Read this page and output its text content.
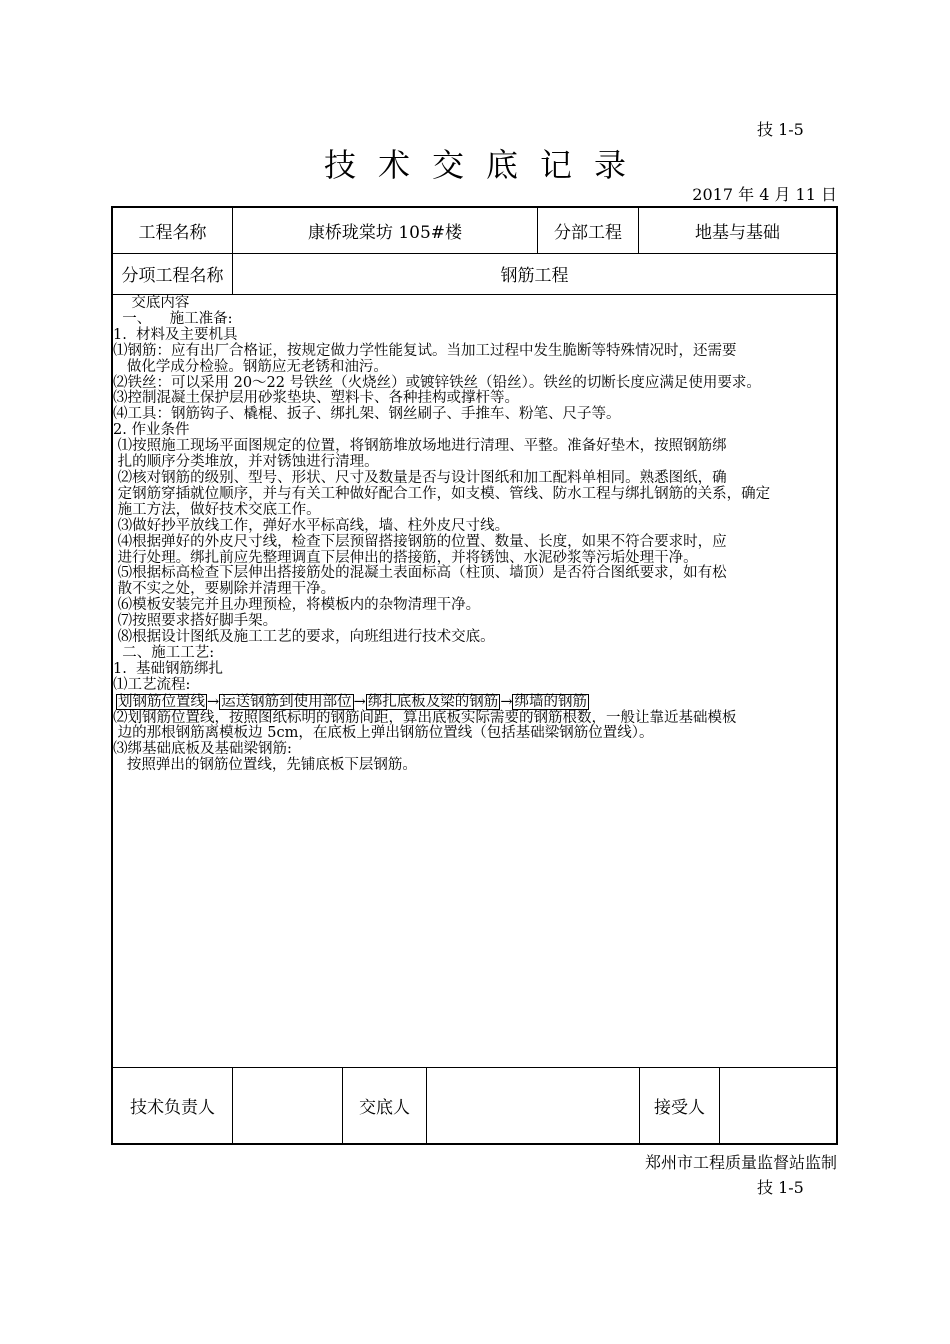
技 1-5
技术交底记录
2017 年 4 月 11 日
工程名称	康桥珑棠坊 105#楼	分部工程	地基与基础
分项工程名称	钢筋工程
交底内容
一、    施工准备:
1.  材料及主要机具
⑴钢筋：应有出厂合格证，按规定做力学性能复试。当加工过程中发生脆断等特殊情况时，还需要
做化学成分检验。钢筋应无老锈和油污。
⑵铁丝：可以采用 20～22 号铁丝（火烧丝）或镀锌铁丝（铅丝）。铁丝的切断长度应满足使用要求。
⑶控制混凝土保护层用砂浆垫块、塑料卡、各种挂构或撑杆等。
⑷工具：钢筋钩子、橇棍、扳子、绑扎架、钢丝刷子、手推车、粉笔、尺子等。
2. 作业条件
⑴按照施工现场平面图规定的位置，将钢筋堆放场地进行清理、平整。准备好垫木，按照钢筋绑
扎的顺序分类堆放，并对锈蚀进行清理。
⑵核对钢筋的级别、型号、形状、尺寸及数量是否与设计图纸和加工配料单相同。熟悉图纸，确
定钢筋穿插就位顺序，并与有关工种做好配合工作，如支模、管线、防水工程与绑扎钢筋的关系，确定
施工方法，做好技术交底工作。
⑶做好抄平放线工作，弹好水平标高线，墙、柱外皮尺寸线。
⑷根据弹好的外皮尺寸线，检查下层预留搭接钢筋的位置、数量、长度，如果不符合要求时，应
进行处理。绑扎前应先整理调直下层伸出的搭接筋，并将锈蚀、水泥砂浆等污垢处理干净。
⑸根据标高检查下层伸出搭接筋处的混凝土表面标高（柱顶、墙顶）是否符合图纸要求，如有松
散不实之处，要剔除并清理干净。
⑹模板安装完并且办理预检，将模板内的杂物清理干净。
⑺按照要求搭好脚手架。
⑻根据设计图纸及施工工艺的要求，向班组进行技术交底。
二、施工工艺:
1.  基础钢筋绑扎
⑴工艺流程:
划钢筋位置线 → 运送钢筋到使用部位 → 绑扎底板及梁的钢筋 → 绑墙的钢筋
⑵划钢筋位置线，按照图纸标明的钢筋间距，算出底板实际需要的钢筋根数，一般让靠近基础模板
边的那根钢筋离模板边 5cm，在底板上弹出钢筋位置线（包括基础梁钢筋位置线）。
⑶绑基础底板及基础梁钢筋:
按照弹出的钢筋位置线，先铺底板下层钢筋。
技术负责人	交底人	接受人
郑州市工程质量监督站监制
技 1-5
